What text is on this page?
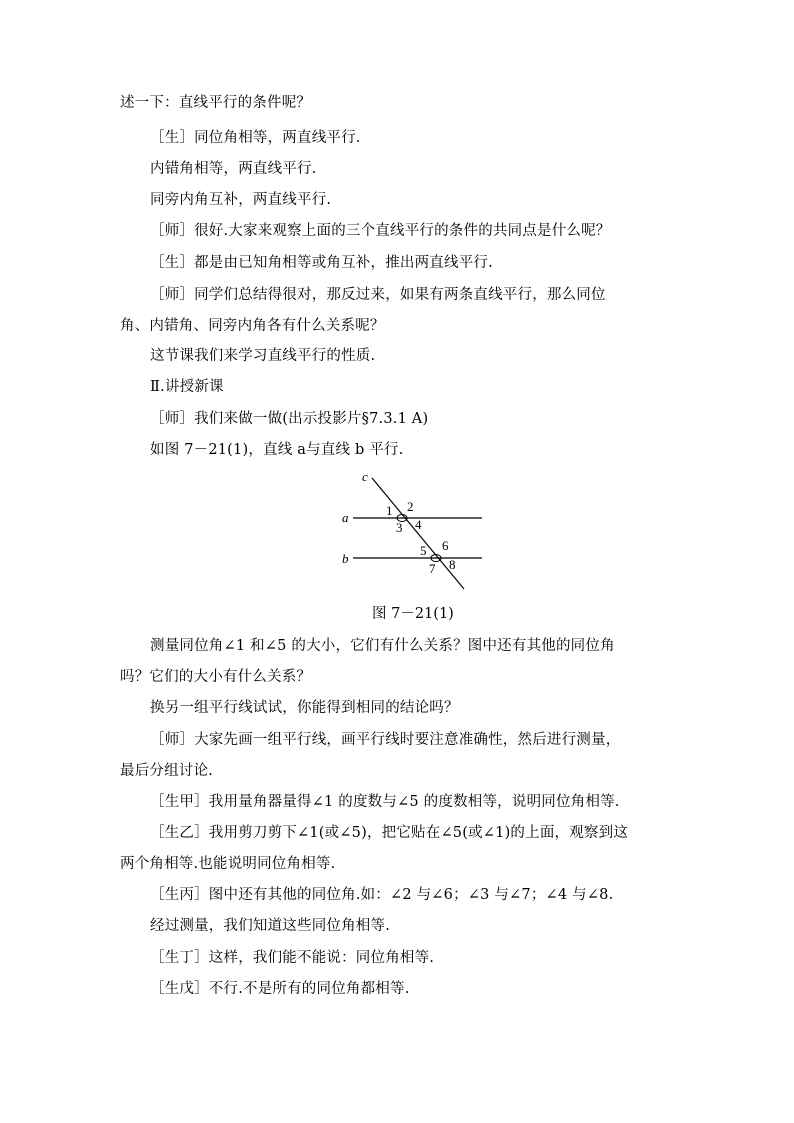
述一下：直线平行的条件呢？
［生］同位角相等，两直线平行.
内错角相等，两直线平行.
同旁内角互补，两直线平行.
［师］很好.大家来观察上面的三个直线平行的条件的共同点是什么呢？
［生］都是由已知角相等或角互补，推出两直线平行.
［师］同学们总结得很对，那反过来，如果有两条直线平行，那么同位
角、内错角、同旁内角各有什么关系呢？
这节课我们来学习直线平行的性质.
Ⅱ.讲授新课
［师］我们来做一做(出示投影片§7.3.1 A)
如图 7－21(1)，直线 a与直线 b 平行.
c
a
b
1 2
3 4
5 6
7 8
图 7－21(1)
测量同位角∠1 和∠5 的大小，它们有什么关系？图中还有其他的同位角
吗？它们的大小有什么关系？
换另一组平行线试试，你能得到相同的结论吗？
［师］大家先画一组平行线，画平行线时要注意准确性，然后进行测量，
最后分组讨论.
［生甲］我用量角器量得∠1 的度数与∠5 的度数相等，说明同位角相等.
［生乙］我用剪刀剪下∠1(或∠5)，把它贴在∠5(或∠1)的上面，观察到这
两个角相等.也能说明同位角相等.
［生丙］图中还有其他的同位角.如：∠2 与∠6；∠3 与∠7；∠4 与∠8.
经过测量，我们知道这些同位角相等.
［生丁］这样，我们能不能说：同位角相等.
［生戊］不行.不是所有的同位角都相等.
